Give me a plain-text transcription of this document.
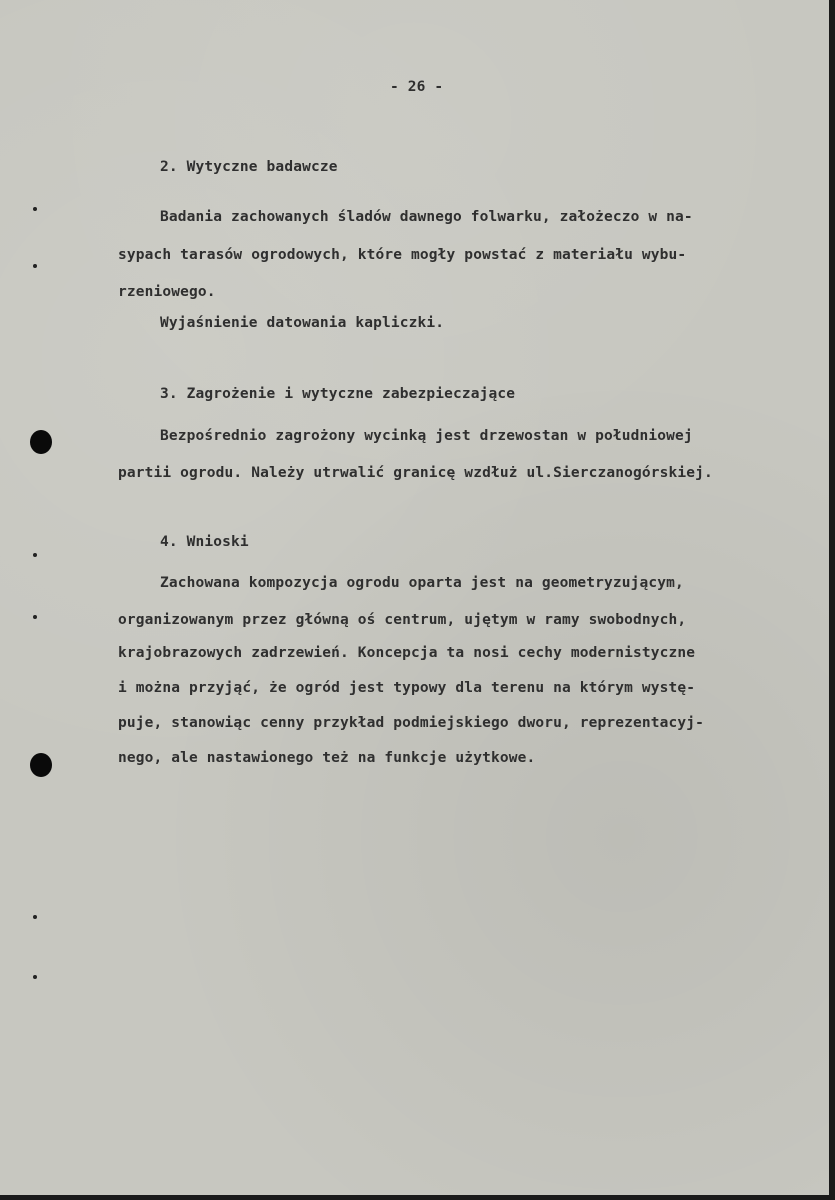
- 26 -
2. Wytyczne badawcze
Badania zachowanych śladów dawnego folwarku, założeczo w na-
sypach tarasów ogrodowych, które mogły powstać z materiału wybu-
rzeniowego.
Wyjaśnienie datowania kapliczki.
3. Zagrożenie i wytyczne zabezpieczające
Bezpośrednio zagrożony wycinką jest drzewostan w południowej
partii ogrodu. Należy utrwalić granicę wzdłuż ul.Sierczanogórskiej.
4. Wnioski
Zachowana kompozycja ogrodu oparta jest na geometryzującym,
organizowanym przez główną oś centrum, ujętym w ramy swobodnych,
krajobrazowych zadrzewień. Koncepcja ta nosi cechy modernistyczne
i można przyjąć, że ogród jest typowy dla terenu na którym wystę-
puje, stanowiąc cenny przykład podmiejskiego dworu, reprezentacyj-
nego, ale nastawionego też na funkcje użytkowe.
